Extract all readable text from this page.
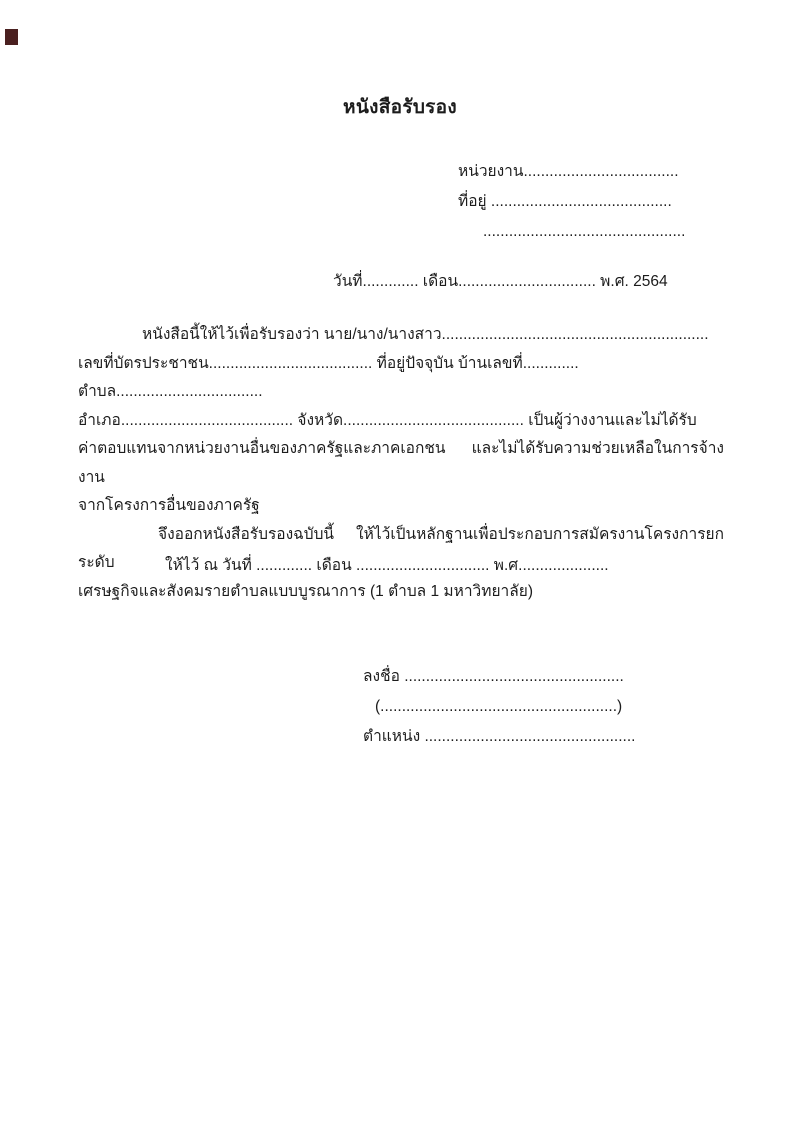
หนังสือรับรอง
หน่วยงาน....................................
ที่อยู่ ..........................................
...............................................
วันที่............. เดือน................................ พ.ศ. 2564
หนังสือนี้ให้ไว้เพื่อรับรองว่า นาย/นาง/นางสาว..............................................................
เลขที่บัตรประชาชน...................................... ที่อยู่ปัจจุบัน บ้านเลขที่............. ตำบล..................................
อำเภอ........................................ จังหวัด.......................................... เป็นผู้ว่างงานและไม่ได้รับ
ค่าตอบแทนจากหน่วยงานอื่นของภาครัฐและภาคเอกชน และไม่ได้รับความช่วยเหลือในการจ้างงาน
จากโครงการอื่นของภาครัฐ
จึงออกหนังสือรับรองฉบับนี้ ให้ไว้เป็นหลักฐานเพื่อประกอบการสมัครงานโครงการยกระดับ
เศรษฐกิจและสังคมรายตำบลแบบบูรณาการ (1 ตำบล 1 มหาวิทยาลัย)
ให้ไว้ ณ วันที่ ............. เดือน ............................... พ.ศ.....................
ลงชื่อ ...................................................
(.......................................................)
ตำแหน่ง .................................................
